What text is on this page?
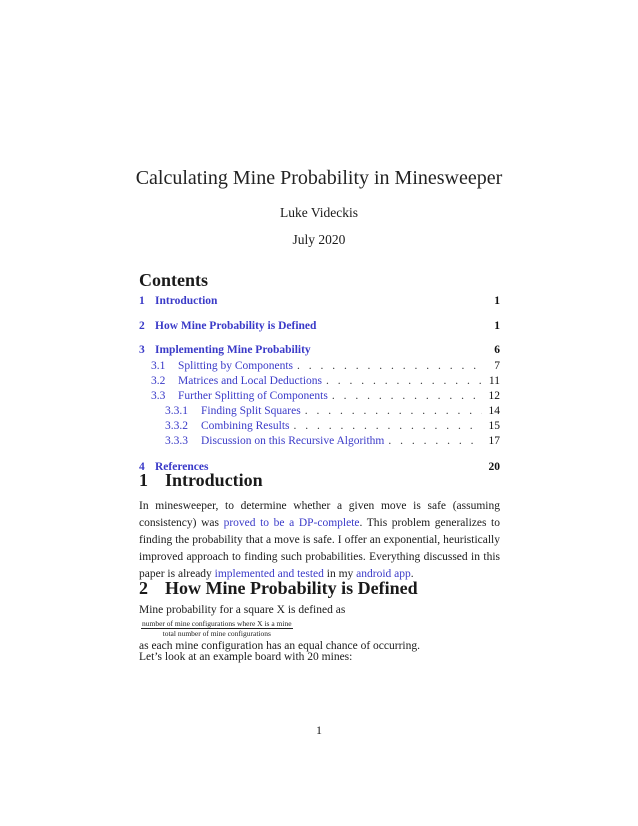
Calculating Mine Probability in Minesweeper
Luke Videckis
July 2020
Contents
1 Introduction	1
2 How Mine Probability is Defined	1
3 Implementing Mine Probability	6
3.1	Splitting by Components . . .	7
3.2	Matrices and Local Deductions . . .	11
3.3	Further Splitting of Components . . .	12
3.3.1	Finding Split Squares . . .	14
3.3.2	Combining Results . . .	15
3.3.3	Discussion on this Recursive Algorithm . . .	17
4 References	20
1 Introduction
In minesweeper, to determine whether a given move is safe (assuming consistency) was proved to be a DP-complete. This problem generalizes to finding the probability that a move is safe. I offer an exponential, heuristically improved approach to finding such probabilities. Everything discussed in this paper is already implemented and tested in my android app.
2 How Mine Probability is Defined
Mine probability for a square X is defined as
$\frac{\text{number of mine configurations where X is a mine}}{\text{total number of mine configurations}}$

as each mine configuration has an equal chance of occurring.
Let’s look at an example board with 20 mines:
1
